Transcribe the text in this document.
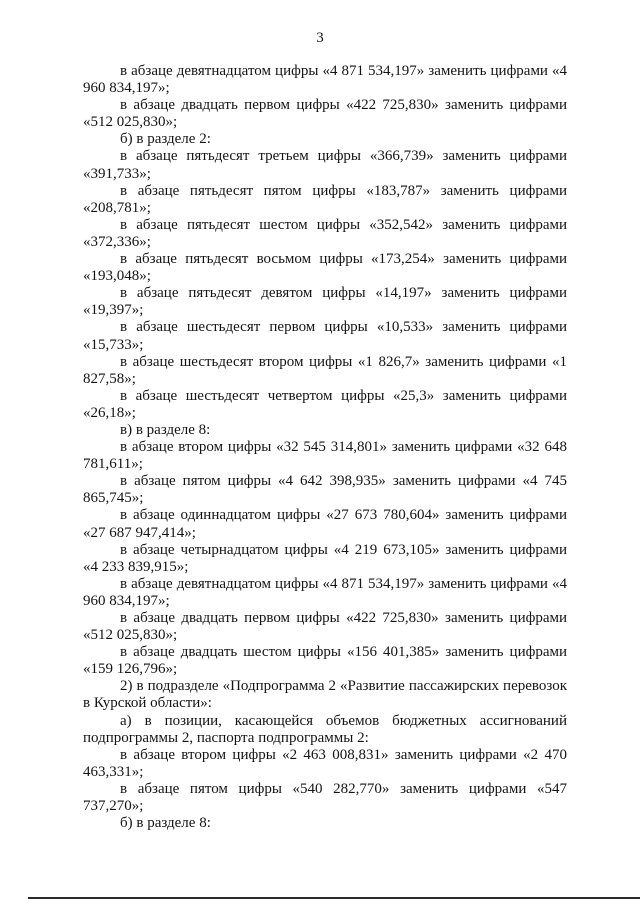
3

в абзаце девятнадцатом цифры «4 871 534,197» заменить цифрами «4 960 834,197»;

в абзаце двадцать первом цифры «422 725,830» заменить цифрами «512 025,830»;

б) в разделе 2:

в абзаце пятьдесят третьем цифры «366,739» заменить цифрами «391,733»;

в абзаце пятьдесят пятом цифры «183,787» заменить цифрами «208,781»;

в абзаце пятьдесят шестом цифры «352,542» заменить цифрами «372,336»;

в абзаце пятьдесят восьмом цифры «173,254» заменить цифрами «193,048»;

в абзаце пятьдесят девятом цифры «14,197» заменить цифрами «19,397»;

в абзаце шестьдесят первом цифры «10,533» заменить цифрами «15,733»;

в абзаце шестьдесят втором цифры «1 826,7» заменить цифрами «1 827,58»;

в абзаце шестьдесят четвертом цифры «25,3» заменить цифрами «26,18»;

в) в разделе 8:

в абзаце втором цифры «32 545 314,801» заменить цифрами «32 648 781,611»;

в абзаце пятом цифры «4 642 398,935» заменить цифрами «4 745 865,745»;

в абзаце одиннадцатом цифры «27 673 780,604» заменить цифрами «27 687 947,414»;

в абзаце четырнадцатом цифры «4 219 673,105» заменить цифрами «4 233 839,915»;

в абзаце девятнадцатом цифры «4 871 534,197» заменить цифрами «4 960 834,197»;

в абзаце двадцать первом цифры «422 725,830» заменить цифрами «512 025,830»;

в абзаце двадцать шестом цифры «156 401,385» заменить цифрами «159 126,796»;

2) в подразделе «Подпрограмма 2 «Развитие пассажирских перевозок в Курской области»:

а) в позиции, касающейся объемов бюджетных ассигнований подпрограммы 2, паспорта подпрограммы 2:

в абзаце втором цифры «2 463 008,831» заменить цифрами «2 470 463,331»;

в абзаце пятом цифры «540 282,770» заменить цифрами «547 737,270»;

б) в разделе 8:
